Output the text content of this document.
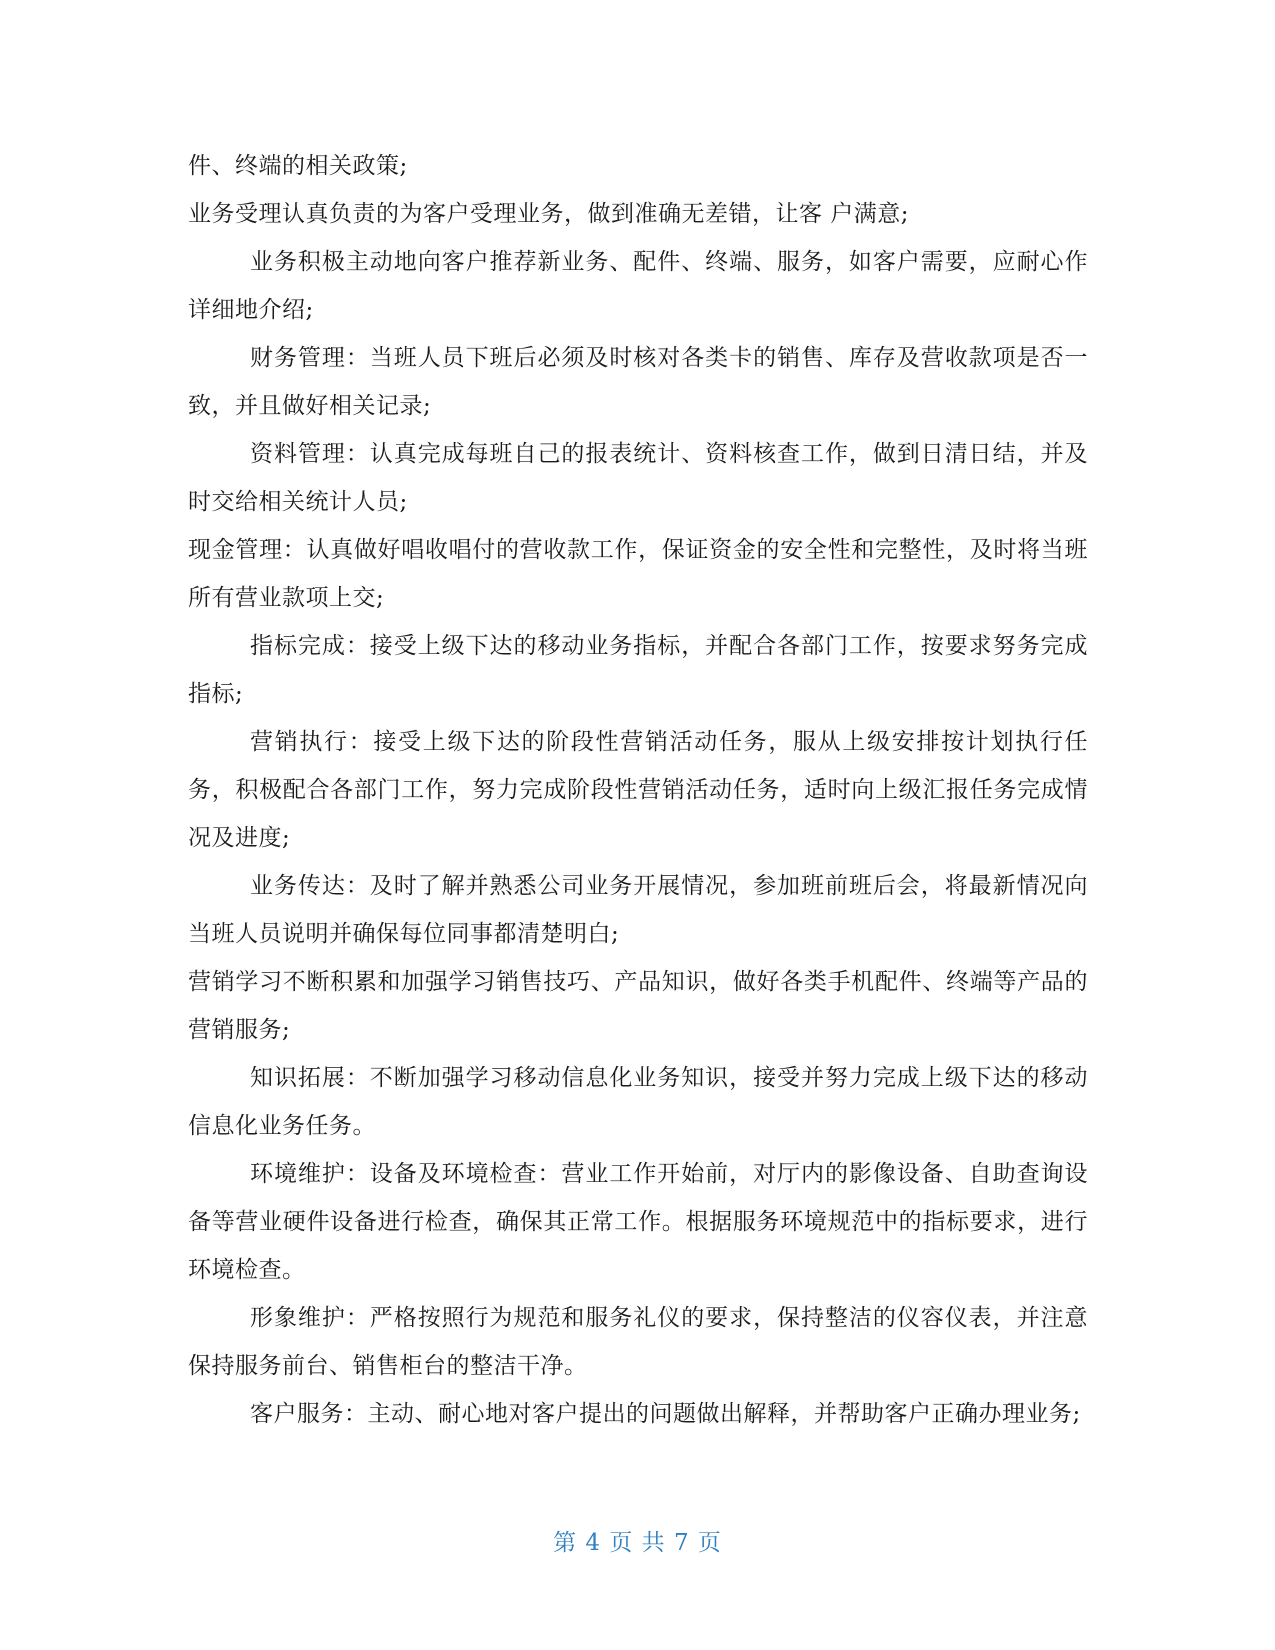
件、终端的相关政策;

业务受理认真负责的为客户受理业务，做到准确无差错，让客 户满意;

业务积极主动地向客户推荐新业务、配件、终端、服务，如客户需要，应耐心作详细地介绍;

财务管理：当班人员下班后必须及时核对各类卡的销售、库存及营收款项是否一致，并且做好相关记录;

资料管理：认真完成每班自己的报表统计、资料核查工作，做到日清日结，并及时交给相关统计人员;

现金管理：认真做好唱收唱付的营收款工作，保证资金的安全性和完整性，及时将当班所有营业款项上交;

指标完成：接受上级下达的移动业务指标，并配合各部门工作，按要求努务完成指标;

营销执行：接受上级下达的阶段性营销活动任务，服从上级安排按计划执行任务，积极配合各部门工作，努力完成阶段性营销活动任务，适时向上级汇报任务完成情况及进度;

业务传达：及时了解并熟悉公司业务开展情况，参加班前班后会，将最新情况向当班人员说明并确保每位同事都清楚明白;

营销学习不断积累和加强学习销售技巧、产品知识，做好各类手机配件、终端等产品的营销服务;

知识拓展：不断加强学习移动信息化业务知识，接受并努力完成上级下达的移动信息化业务任务。

环境维护：设备及环境检查：营业工作开始前，对厅内的影像设备、自助查询设备等营业硬件设备进行检查，确保其正常工作。根据服务环境规范中的指标要求，进行环境检查。

形象维护：严格按照行为规范和服务礼仪的要求，保持整洁的仪容仪表，并注意保持服务前台、销售柜台的整洁干净。

客户服务：主动、耐心地对客户提出的问题做出解释，并帮助客户正确办理业务;

第 4 页 共 7 页
